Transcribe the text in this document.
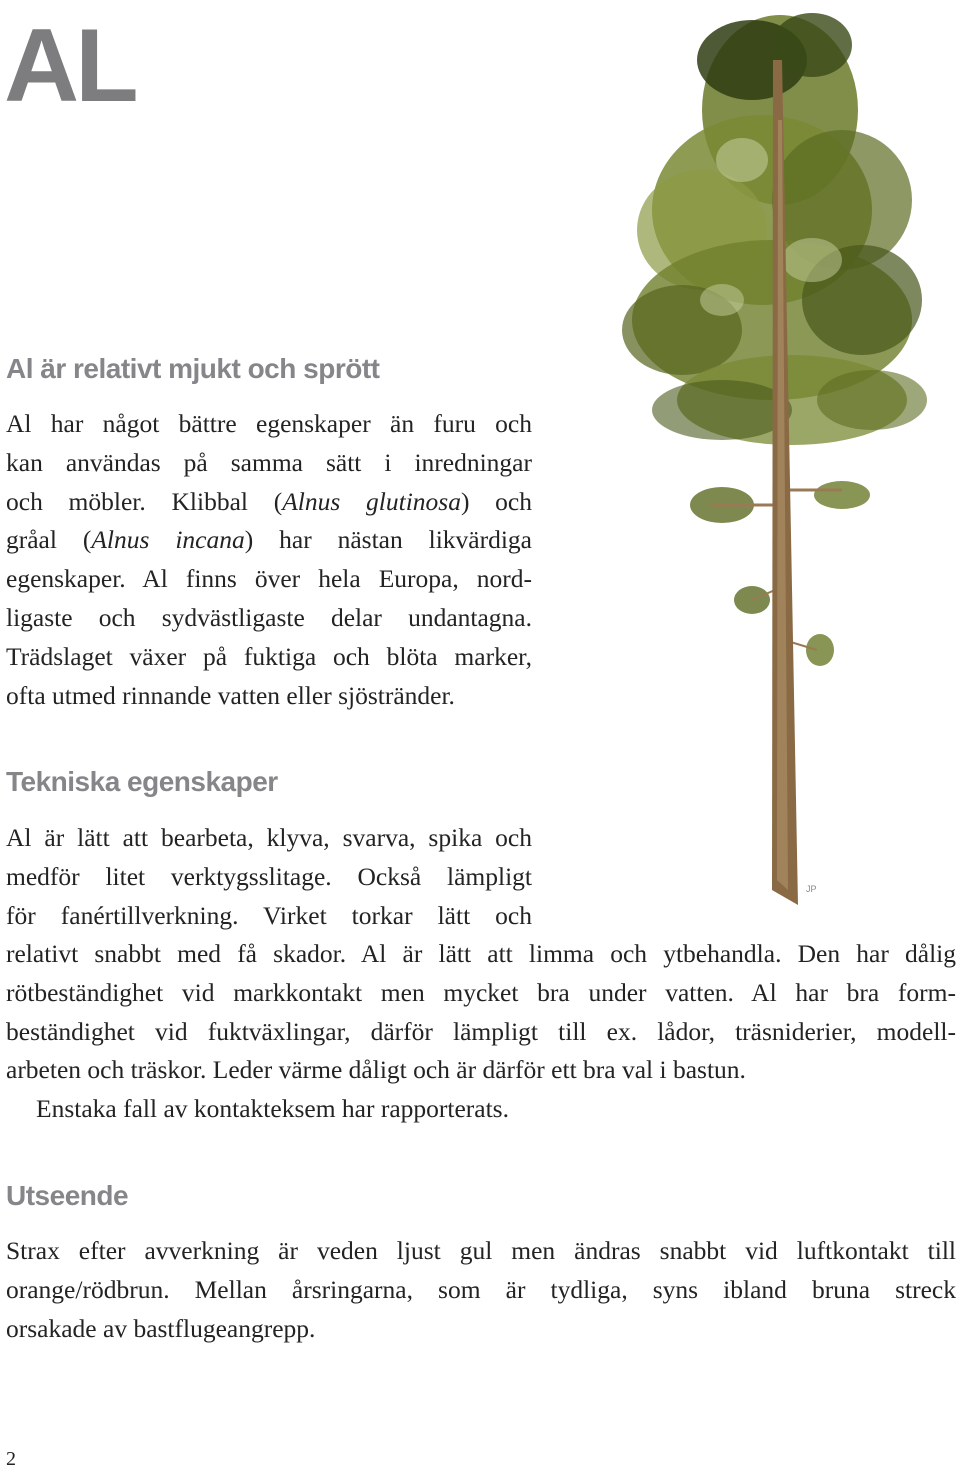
AL
Al är relativt mjukt och sprött
Al har något bättre egenskaper än furu och
kan användas på samma sätt i inredningar
och möbler. Klibbal (Alnus glutinosa) och
gråal (Alnus incana) har nästan likvärdiga
egenskaper. Al finns över hela Europa, nord-
ligaste och sydvästligaste delar undantagna.
Trädslaget växer på fuktiga och blöta marker,
ofta utmed rinnande vatten eller sjöstränder.
Tekniska egenskaper
Al är lätt att bearbeta, klyva, svarva, spika och
medför litet verktygsslitage. Också lämpligt
för fanértillverkning. Virket torkar lätt och
relativt snabbt med få skador. Al är lätt att limma och ytbehandla. Den har dålig
rötbeständighet vid markkontakt men mycket bra under vatten. Al har bra form-
beständighet vid fuktväxlingar, därför lämpligt till ex. lådor, träsniderier, modell-
arbeten och träskor. Leder värme dåligt och är därför ett bra val i bastun.
Enstaka fall av kontakteksem har rapporterats.
Utseende
Strax efter avverkning är veden ljust gul men ändras snabbt vid luftkontakt till
orange/rödbrun. Mellan årsringarna, som är tydliga, syns ibland bruna streck
orsakade av bastflugeangrepp.
2
JP
